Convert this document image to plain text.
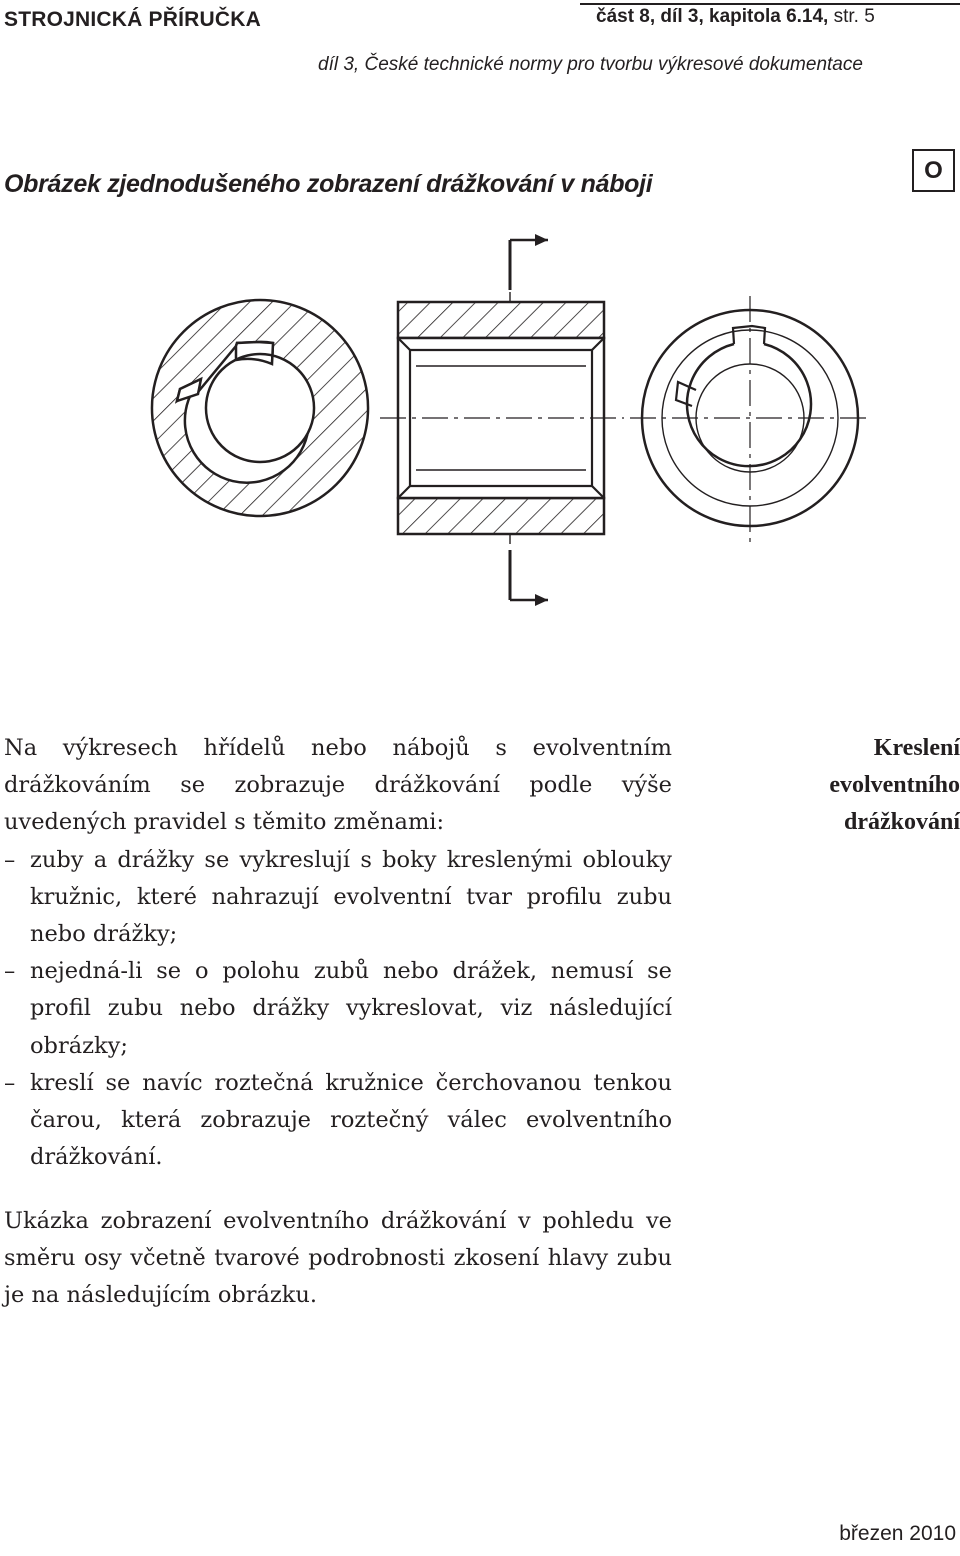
STROJNICKÁ PŘÍRUČKA	část 8, díl 3, kapitola 6.14, str. 5
díl 3, České technické normy pro tvorbu výkresové dokumentace
Obrázek zjednodušeného zobrazení drážkování v náboji	O

Na výkresech hřídelů nebo nábojů s evolventním drážkováním se zobrazuje drážkování podle výše uvedených pravidel s těmito změnami:

– zuby a drážky se vykreslují s boky kreslenými oblouky kružnic, které nahrazují evolventní tvar profilu zubu nebo drážky;
– nejedná-li se o polohu zubů nebo drážek, nemusí se profil zubu nebo drážky vykreslovat, viz následující obrázky;
– kreslí se navíc roztečná kružnice čerchovanou tenkou čarou, která zobrazuje roztečný válec evolventního drážkování.

Ukázka zobrazení evolventního drážkování v pohledu ve směru osy včetně tvarové podrobnosti zkosení hlavy zubu je na následujícím obrázku.

Kreslení
evolventního
drážkování
březen 2010
